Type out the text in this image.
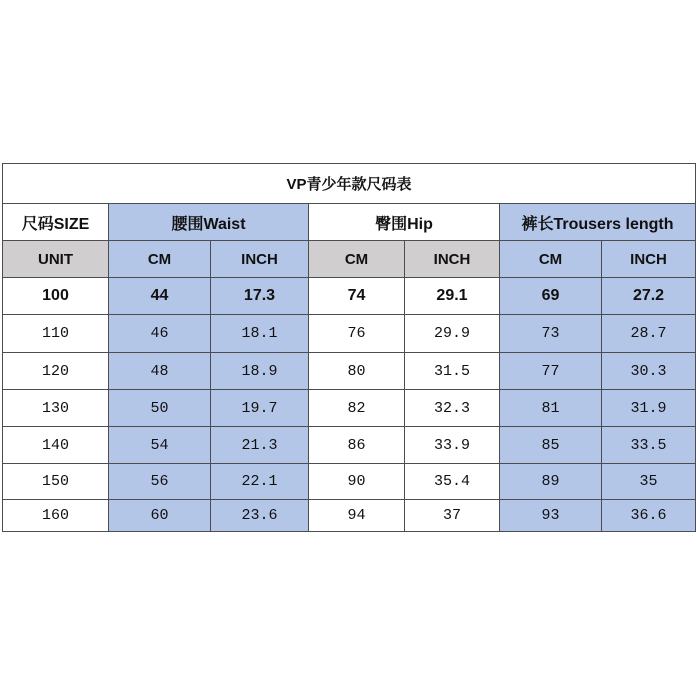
VP青少年款尺码表						
尺码SIZE	腰围Waist		臀围Hip		裤长Trousers length	
UNIT	CM	INCH	CM	INCH	CM	INCH
100	44	17.3	74	29.1	69	27.2
110	46	18.1	76	29.9	73	28.7
120	48	18.9	80	31.5	77	30.3
130	50	19.7	82	32.3	81	31.9
140	54	21.3	86	33.9	85	33.5
150	56	22.1	90	35.4	89	35
160	60	23.6	94	37	93	36.6
